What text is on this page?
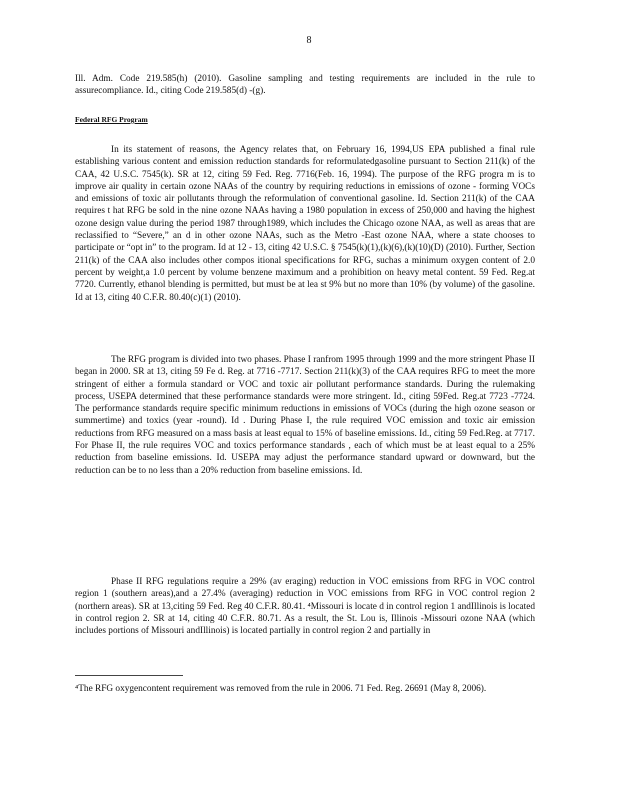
8
Ill. Adm. Code 219.585(h) (2010). Gasoline sampling and testing requirements are included in the rule to assurecompliance. Id., citing Code 219.585(d) -(g).
Federal RFG Program
In its statement of reasons, the Agency relates that, on February 16, 1994,US EPA published a final rule establishing various content and emission reduction standards for reformulatedgasoline pursuant to Section 211(k) of the CAA, 42 U.S.C. 7545(k). SR at 12, citing 59 Fed. Reg. 7716(Feb. 16, 1994). The purpose of the RFG progra m is to improve air quality in certain ozone NAAs of the country by requiring reductions in emissions of ozone - forming VOCs and emissions of toxic air pollutants through the reformulation of conventional gasoline. Id. Section 211(k) of the CAA requires t hat RFG be sold in the nine ozone NAAs having a 1980 population in excess of 250,000 and having the highest ozone design value during the period 1987 through1989, which includes the Chicago ozone NAA, as well as areas that are reclassified to “Severe,” an d in other ozone NAAs, such as the Metro -East ozone NAA, where a state chooses to participate or “opt in” to the program. Id at 12 - 13, citing 42 U.S.C. § 7545(k)(1),(k)(6),(k)(10)(D) (2010). Further, Section 211(k) of the CAA also includes other compos itional specifications for RFG, suchas a minimum oxygen content of 2.0 percent by weight,a 1.0 percent by volume benzene maximum and a prohibition on heavy metal content. 59 Fed. Reg.at 7720. Currently, ethanol blending is permitted, but must be at lea st 9% but no more than 10% (by volume) of the gasoline. Id at 13, citing 40 C.F.R. 80.40(c)(1) (2010).
The RFG program is divided into two phases. Phase I ranfrom 1995 through 1999 and the more stringent Phase II began in 2000. SR at 13, citing 59 Fe d. Reg. at 7716 -7717. Section 211(k)(3) of the CAA requires RFG to meet the more stringent of either a formula standard or VOC and toxic air pollutant performance standards. During the rulemaking process, USEPA determined that these performance standards were more stringent. Id., citing 59Fed. Reg.at 7723 -7724. The performance standards require specific minimum reductions in emissions of VOCs (during the high ozone season or summertime) and toxics (year -round). Id . During Phase I, the rule required VOC emission and toxic air emission reductions from RFG measured on a mass basis at least equal to 15% of baseline emissions. Id., citing 59 Fed.Reg. at 7717. For Phase II, the rule requires VOC and toxics performance standards , each of which must be at least equal to a 25% reduction from baseline emissions. Id. USEPA may adjust the performance standard upward or downward, but the reduction can be to no less than a 20% reduction from baseline emissions. Id.
Phase II RFG regulations require a 29% (av eraging) reduction in VOC emissions from RFG in VOC control region 1 (southern areas),and a 27.4% (averaging) reduction in VOC emissions from RFG in VOC control region 2 (northern areas). SR at 13,citing 59 Fed. Reg 40 C.F.R. 80.41. ⁴Missouri is locate d in control region 1 andIllinois is located in control region 2. SR at 14, citing 40 C.F.R. 80.71. As a result, the St. Lou is, Illinois -Missouri ozone NAA (which includes portions of Missouri andIllinois) is located partially in control region 2 and partially in
⁴The RFG oxygencontent requirement was removed from the rule in 2006. 71 Fed. Reg. 26691 (May 8, 2006).
